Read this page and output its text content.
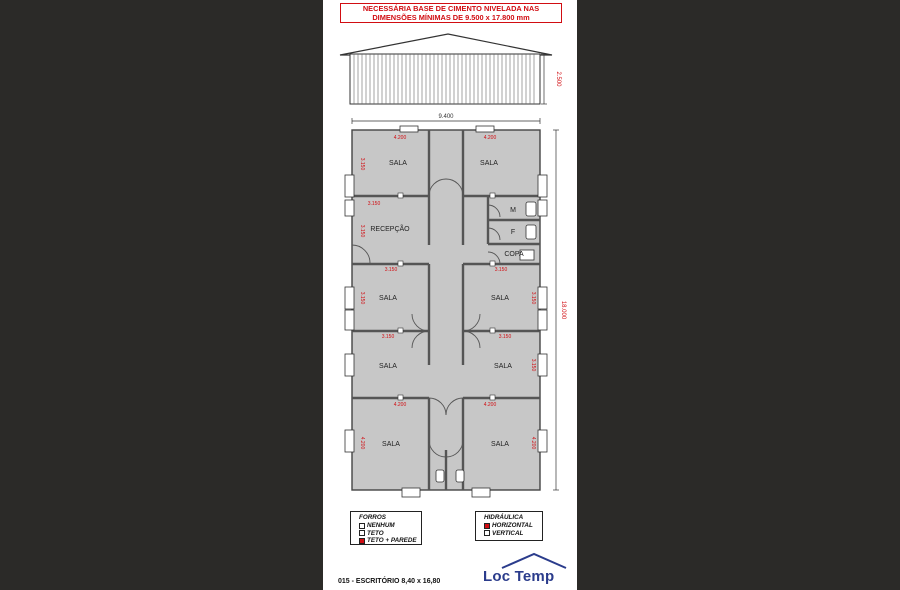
NECESSÁRIA BASE DE CIMENTO NIVELADA NAS
DIMENSÕES MÍNIMAS DE 9.500 x 17.800 mm
2.500
9.400
18.000
SALA	SALA
RECEPÇÃO
M
F
COPA
SALA	SALA
SALA	SALA
SALA	SALA
4.200	4.200
3.150
3.150	3.150
3.150	3.150
4.200	4.200
3.150
3.150
3.150	3.150
3.150
4.200	4.200
FORROS
NENHUM
TETO
TETO + PAREDE
HIDRÁULICA
HORIZONTAL
VERTICAL
Loc Temp
015 - ESCRITÓRIO 8,40 x 16,80
